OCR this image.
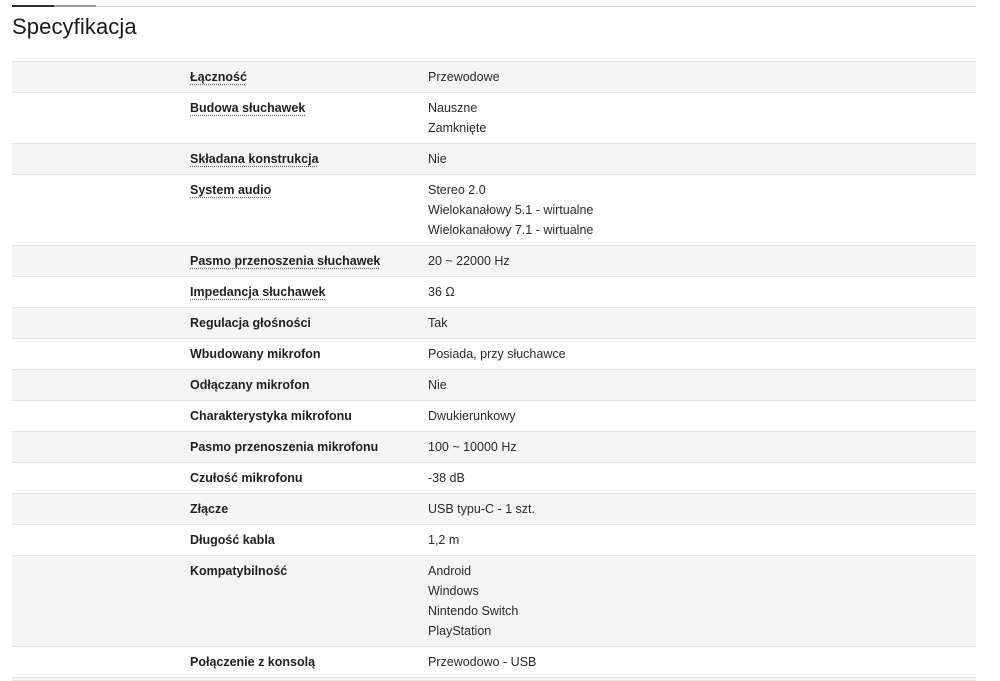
Specyfikacja
Łączność	Przewodowe
Budowa słuchawek	Nauszne
Zamknięte
Składana konstrukcja	Nie
System audio	Stereo 2.0
Wielokanałowy 5.1 - wirtualne
Wielokanałowy 7.1 - wirtualne
Pasmo przenoszenia słuchawek	20 ~ 22000 Hz
Impedancja słuchawek	36 Ω
Regulacja głośności	Tak
Wbudowany mikrofon	Posiada, przy słuchawce
Odłączany mikrofon	Nie
Charakterystyka mikrofonu	Dwukierunkowy
Pasmo przenoszenia mikrofonu	100 ~ 10000 Hz
Czułość mikrofonu	-38 dB
Złącze	USB typu-C - 1 szt.
Długość kabla	1,2 m
Kompatybilność	Android
Windows
Nintendo Switch
PlayStation
Połączenie z konsolą	Przewodowo - USB
